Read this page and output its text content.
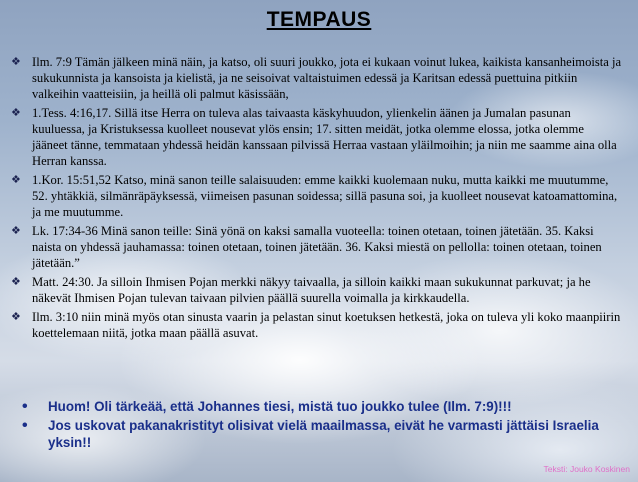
TEMPAUS
❖ Ilm. 7:9 Tämän jälkeen minä näin, ja katso, oli suuri joukko, jota ei kukaan voinut lukea, kaikista kansanheimoista ja sukukunnista ja kansoista ja kielistä, ja ne seisoivat valtaistuimen edessä ja Karitsan edessä puettuina pitkiin valkeihin vaatteisiin, ja heillä oli palmut käsissään,
❖ 1.Tess. 4:16,17. Sillä itse Herra on tuleva alas taivaasta käskyhuudon, ylienkelin äänen ja Jumalan pasunan kuuluessa, ja Kristuksessa kuolleet nousevat ylös ensin; 17. sitten meidät, jotka olemme elossa, jotka olemme jääneet tänne, temmataan yhdessä heidän kanssaan pilvissä Herraa vastaan yläilmoihin; ja niin me saamme aina olla Herran kanssa.
❖ 1.Kor. 15:51,52 Katso, minä sanon teille salaisuuden: emme kaikki kuolemaan nuku, mutta kaikki me muutumme, 52. yhtäkkiä, silmänräpäyksessä, viimeisen pasunan soidessa; sillä pasuna soi, ja kuolleet nousevat katoamattomina, ja me muutumme.
❖ Lk. 17:34-36 Minä sanon teille: Sinä yönä on kaksi samalla vuoteella: toinen otetaan, toinen jätetään. 35. Kaksi naista on yhdessä jauhamassa: toinen otetaan, toinen jätetään. 36. Kaksi miestä on pellolla: toinen otetaan, toinen jätetään.”
❖ Matt. 24:30. Ja silloin Ihmisen Pojan merkki näkyy taivaalla, ja silloin kaikki maan sukukunnat parkuvat; ja he näkevät Ihmisen Pojan tulevan taivaan pilvien päällä suurella voimalla ja kirkkaudella.
❖ Ilm. 3:10 niin minä myös otan sinusta vaarin ja pelastan sinut koetuksen hetkestä, joka on tuleva yli koko maanpiirin koettelemaan niitä, jotka maan päällä asuvat.
• Huom! Oli tärkeää, että Johannes tiesi, mistä tuo joukko tulee (Ilm. 7:9)!!!
• Jos uskovat pakanakristityt olisivat vielä maailmassa, eivät he varmasti jättäisi Israelia yksin!!
Teksti: Jouko Koskinen
